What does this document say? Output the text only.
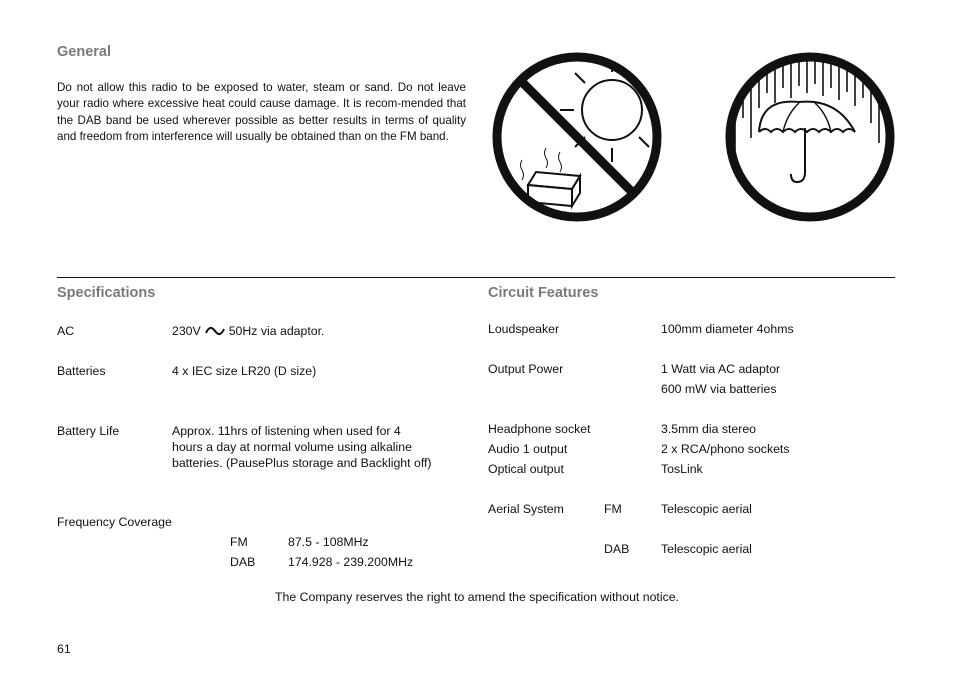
General
Do not allow this radio to be exposed to water, steam or sand. Do not leave your radio where excessive heat could cause damage. It is recom-mended that the DAB band be used wherever possible as better results in terms of quality and freedom from interference will usually be obtained than on the FM band.
Specifications
AC	230V 50Hz via adaptor.
Batteries	4 x IEC size LR20 (D size)
Battery Life	Approx. 11hrs of listening when used for 4
hours a day at normal volume using alkaline
batteries. (PausePlus storage and Backlight off)
Frequency Coverage
FM	87.5 - 108MHz
DAB	174.928 - 239.200MHz
Circuit Features
Loudspeaker	100mm diameter 4ohms
Output Power	1 Watt via AC adaptor
600 mW via batteries
Headphone socket	3.5mm dia stereo
Audio 1 output	2 x RCA/phono sockets
Optical output	TosLink
Aerial System	FM	Telescopic aerial
DAB	Telescopic aerial
The Company reserves the right to amend the specification without notice.
61
